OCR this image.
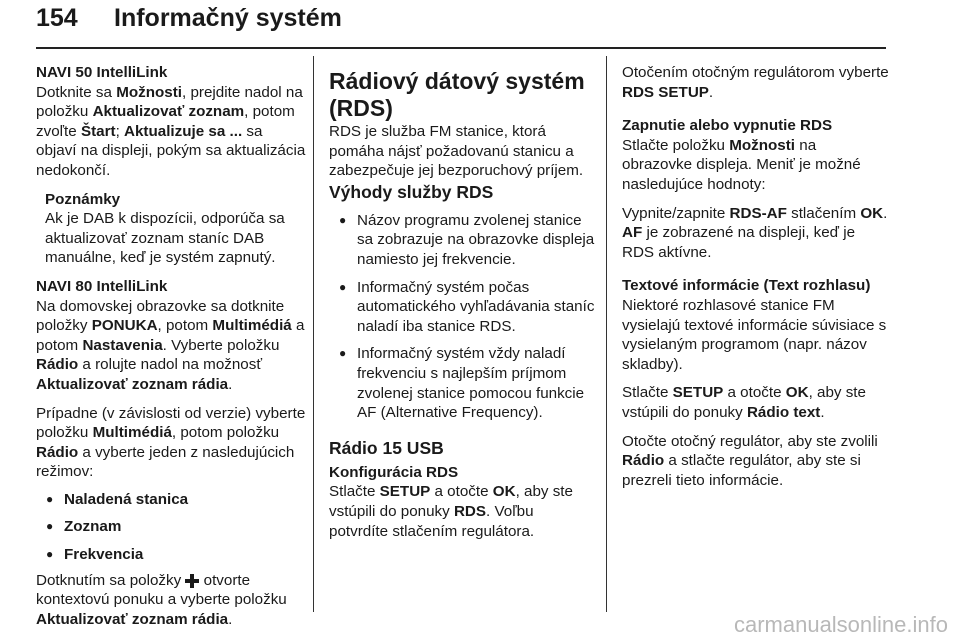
154 Informačný systém

NAVI 50 IntelliLink

Dotknite sa Možnosti, prejdite nadol na položku Aktualizovať zoznam, potom zvoľte Štart; Aktualizuje sa ... sa objaví na displeji, pokým sa aktualizácia nedokončí.

Poznámky

Ak je DAB k dispozícii, odporúča sa aktualizovať zoznam staníc DAB manuálne, keď je systém zapnutý.

NAVI 80 IntelliLink

Na domovskej obrazovke sa dotknite položky PONUKA, potom Multimédiá a potom Nastavenia. Vyberte položku Rádio a rolujte nadol na možnosť Aktualizovať zoznam rádia.

Prípadne (v závislosti od verzie) vyberte položku Multimédiá, potom položku Rádio a vyberte jeden z nasledujúcich režimov:

● Naladená stanica
● Zoznam
● Frekvencia

Dotknutím sa položky  otvorte kontextovú ponuku a vyberte položku Aktualizovať zoznam rádia.

Rádiový dátový systém (RDS)

RDS je služba FM stanice, ktorá pomáha nájsť požadovanú stanicu a zabezpečuje jej bezporuchový príjem.

Výhody služby RDS

● Názov programu zvolenej stanice sa zobrazuje na obrazovke displeja namiesto jej frekvencie.
● Informačný systém počas automatického vyhľadávania staníc naladí iba stanice RDS.
● Informačný systém vždy naladí frekvenciu s najlepším príjmom zvolenej stanice pomocou funkcie AF (Alternative Frequency).

Rádio 15 USB

Konfigurácia RDS

Stlačte SETUP a otočte OK, aby ste vstúpili do ponuky RDS. Voľbu potvrdíte stlačením regulátora.

Otočením otočným regulátorom vyberte RDS SETUP.

Zapnutie alebo vypnutie RDS

Stlačte položku Možnosti na obrazovke displeja. Meniť je možné nasledujúce hodnoty:

Vypnite/zapnite RDS-AF stlačením OK. AF je zobrazené na displeji, keď je RDS aktívne.

Textové informácie (Text rozhlasu)

Niektoré rozhlasové stanice FM vysielajú textové informácie súvisiace s vysielaným programom (napr. názov skladby).

Stlačte SETUP a otočte OK, aby ste vstúpili do ponuky Rádio text.

Otočte otočný regulátor, aby ste zvolili Rádio a stlačte regulátor, aby ste si prezreli tieto informácie.

carmanualsonline.info
